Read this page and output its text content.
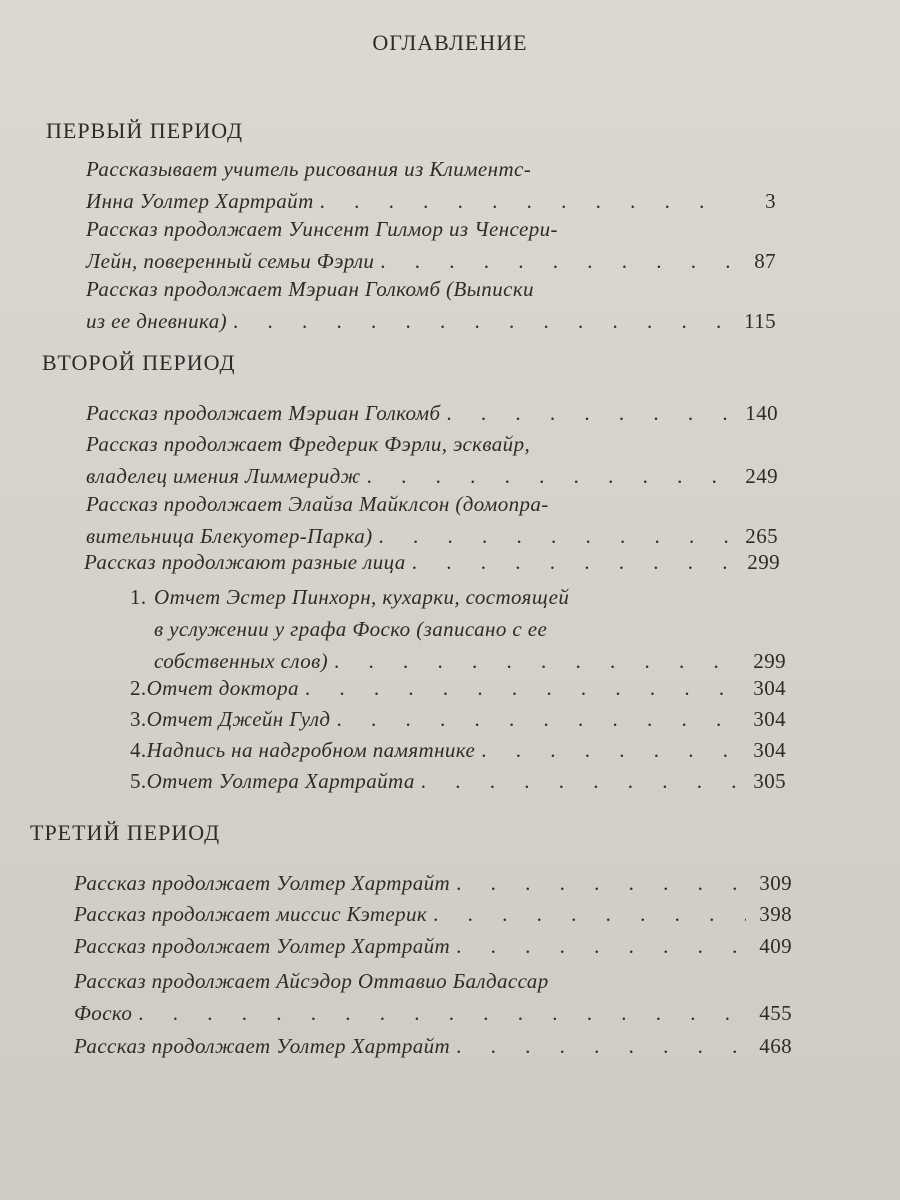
ОГЛАВЛЕНИЕ
ПЕРВЫЙ ПЕРИОД
Рассказывает учитель рисования из Климентс-
Инна Уолтер Хартрайт . . .	3
Рассказ продолжает Уинсент Гилмор из Ченсери-
Лейн, поверенный семьи Фэрли . . .	87
Рассказ продолжает Мэриан Голкомб (Выписки
из ее дневника) . . .	115
ВТОРОЙ ПЕРИОД
Рассказ продолжает Мэриан Голкомб . . .	140
Рассказ продолжает Фредерик Фэрли, эсквайр,
владелец имения Лиммеридж . . .	249
Рассказ продолжает Элайза Майклсон (домопра-
вительница Блекуотер-Парка) . . .	265
Рассказ продолжают разные лица . . .	299
1. Отчет Эстер Пинхорн, кухарки, состоящей
в услужении у графа Фоско (записано с ее
собственных слов) . . .	299
2. Отчет доктора . . .	304
3. Отчет Джейн Гулд . . .	304
4. Надпись на надгробном памятнике . . .	304
5. Отчет Уолтера Хартрайта . . .	305
ТРЕТИЙ ПЕРИОД
Рассказ продолжает Уолтер Хартрайт . . .	309
Рассказ продолжает миссис Кэтерик . . .	398
Рассказ продолжает Уолтер Хартрайт . . .	409
Рассказ продолжает Айсэдор Оттавио Балдассар
Фоско . . .	455
Рассказ продолжает Уолтер Хартрайт . . .	468
